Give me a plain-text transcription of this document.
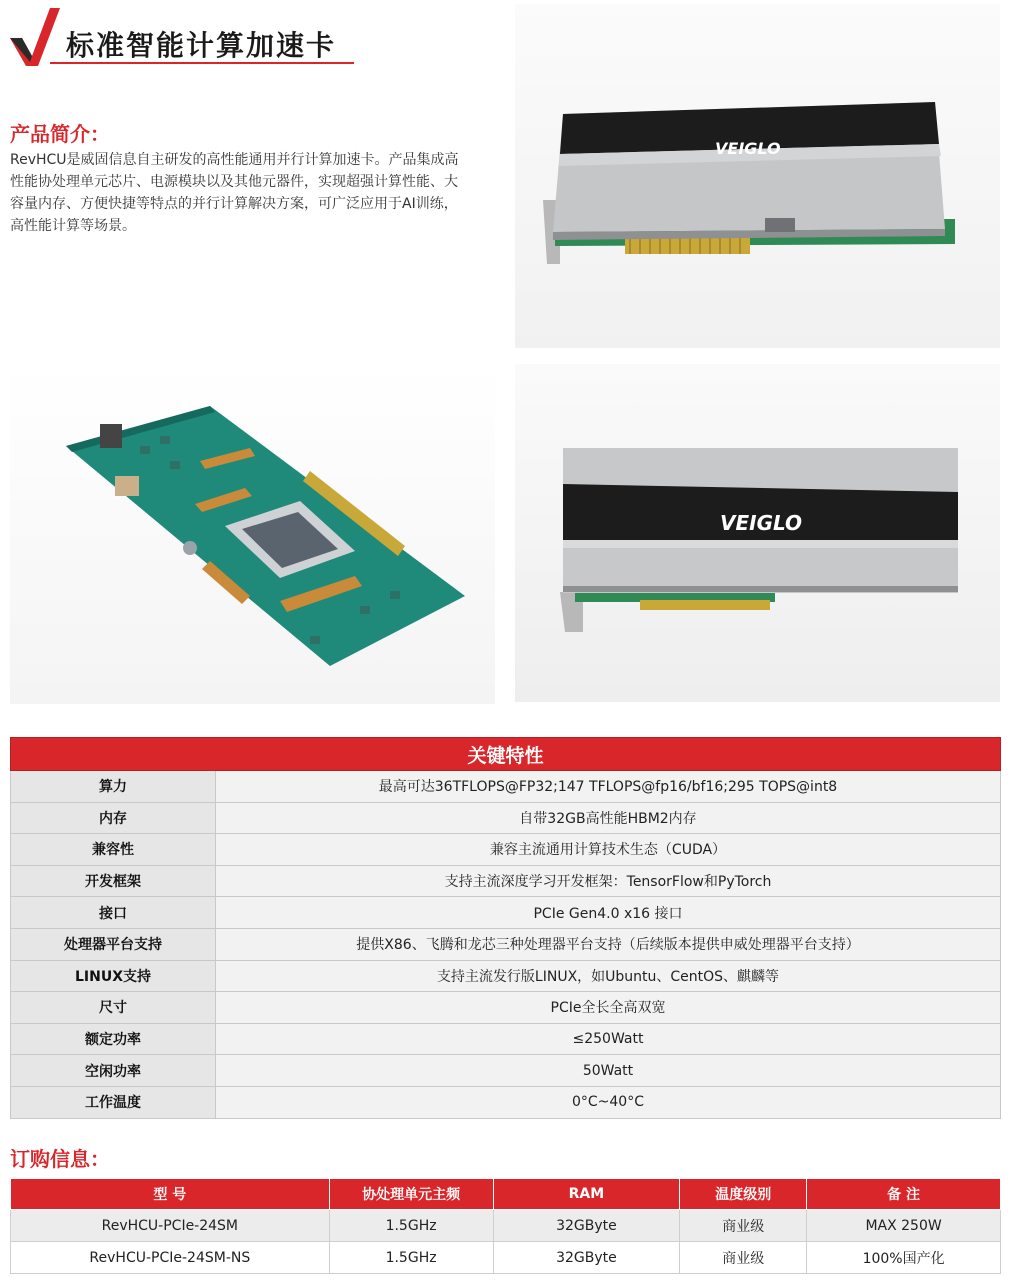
标准智能计算加速卡
产品简介：

RevHCU是威固信息自主研发的高性能通用并行计算加速卡。产品集成高性能协处理单元芯片、电源模块以及其他元器件，实现超强计算性能、大容量内存、方便快捷等特点的并行计算解决方案，可广泛应用于AI训练，高性能计算等场景。

VEIGLO
VEIGLO
关键特性	
算力	最高可达36TFLOPS@FP32;147 TFLOPS@fp16/bf16;295 TOPS@int8
内存	自带32GB高性能HBM2内存
兼容性	兼容主流通用计算技术生态（CUDA）
开发框架	支持主流深度学习开发框架：TensorFlow和PyTorch
接口	PCIe Gen4.0 x16 接口
处理器平台支持	提供X86、飞腾和龙芯三种处理器平台支持（后续版本提供申威处理器平台支持）
LINUX支持	支持主流发行版LINUX，如Ubuntu、CentOS、麒麟等
尺寸	PCIe全长全高双宽
额定功率	≤250Watt
空闲功率	50Watt
工作温度	0°C~40°C
订购信息：
型 号	协处理单元主频	RAM	温度级别	备 注
RevHCU-PCIe-24SM	1.5GHz	32GByte	商业级	MAX 250W
RevHCU-PCIe-24SM-NS	1.5GHz	32GByte	商业级	100%国产化
